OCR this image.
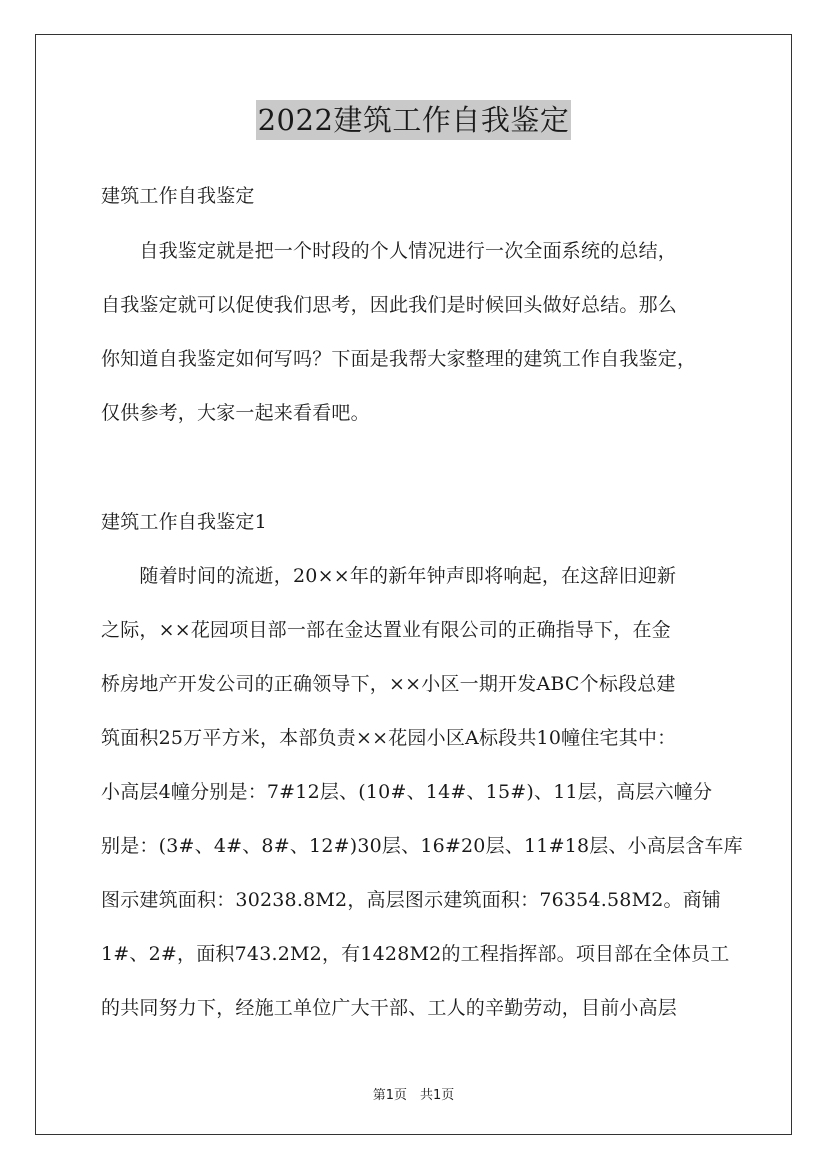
2022建筑工作自我鉴定
建筑工作自我鉴定
　　自我鉴定就是把一个时段的个人情况进行一次全面系统的总结，
自我鉴定就可以促使我们思考，因此我们是时候回头做好总结。那么
你知道自我鉴定如何写吗？下面是我帮大家整理的建筑工作自我鉴定，
仅供参考，大家一起来看看吧。
建筑工作自我鉴定1
　　随着时间的流逝，20××年的新年钟声即将响起，在这辞旧迎新
之际，××花园项目部一部在金达置业有限公司的正确指导下，在金
桥房地产开发公司的正确领导下，××小区一期开发ABC个标段总建
筑面积25万平方米，本部负责××花园小区A标段共10幢住宅其中：
小高层4幢分别是：7#12层、(10#、14#、15#)、11层，高层六幢分
别是：(3#、4#、8#、12#)30层、16#20层、11#18层、小高层含车库
图示建筑面积：30238.8M2，高层图示建筑面积：76354.58M2。商铺
1#、2#，面积743.2M2，有1428M2的工程指挥部。项目部在全体员工
的共同努力下，经施工单位广大干部、工人的辛勤劳动，目前小高层
第1页　共1页
